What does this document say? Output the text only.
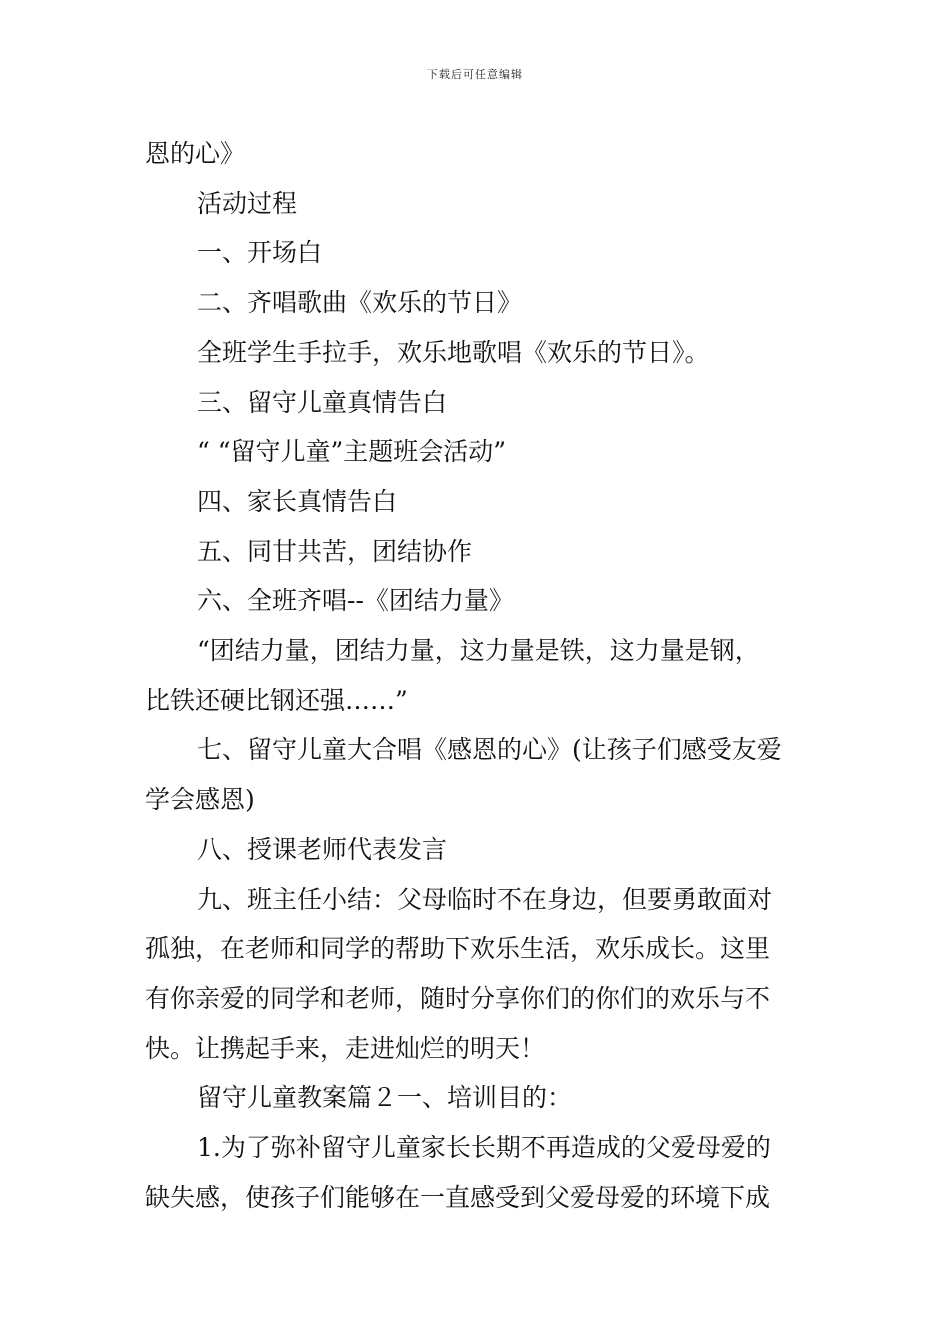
下载后可任意编辑

恩的心》

活动过程

一、开场白

二、齐唱歌曲《欢乐的节日》

全班学生手拉手，欢乐地歌唱《欢乐的节日》。

三、留守儿童真情告白

“ “留守儿童”主题班会活动”

四、家长真情告白

五、同甘共苦，团结协作

六、全班齐唱--《团结力量》

“团结力量，团结力量，这力量是铁，这力量是钢，

比铁还硬比钢还强……”

七、留守儿童大合唱《感恩的心》(让孩子们感受友爱

学会感恩)

八、授课老师代表发言

九、班主任小结：父母临时不在身边，但要勇敢面对

孤独，在老师和同学的帮助下欢乐生活，欢乐成长。这里

有你亲爱的同学和老师，随时分享你们的你们的欢乐与不

快。让携起手来，走进灿烂的明天！

留守儿童教案篇２一、培训目的：

1.为了弥补留守儿童家长长期不再造成的父爱母爱的

缺失感，使孩子们能够在一直感受到父爱母爱的环境下成
